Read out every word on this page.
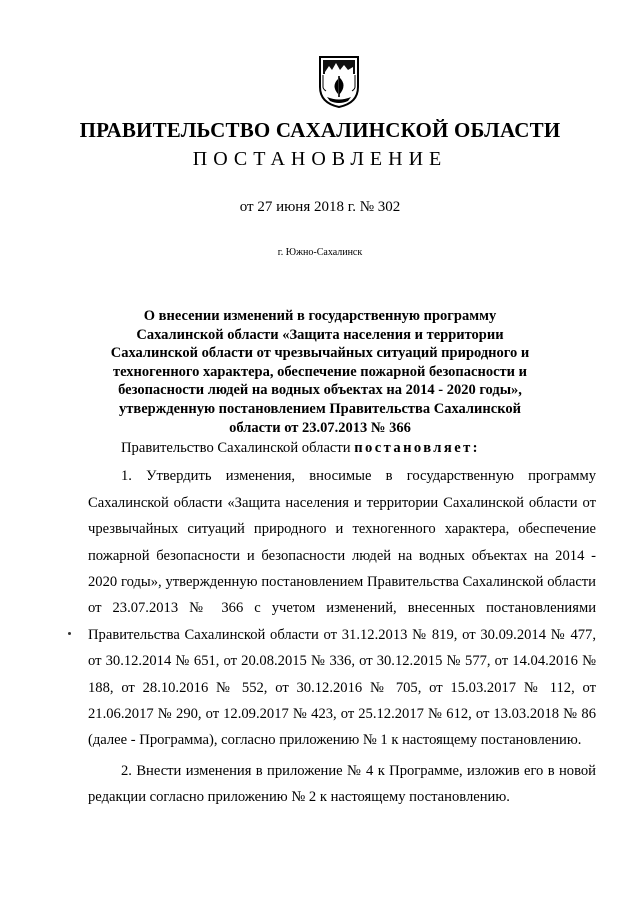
ПРАВИТЕЛЬСТВО САХАЛИНСКОЙ ОБЛАСТИ
ПОСТАНОВЛЕНИЕ
от 27 июня 2018 г. № 302
г. Южно-Сахалинск
О внесении изменений в государственную программу Сахалинской области «Защита населения и территории Сахалинской области от чрезвычайных ситуаций природного и техногенного характера, обеспечение пожарной безопасности и безопасности людей на водных объектах на 2014 - 2020 годы», утвержденную постановлением Правительства Сахалинской области от 23.07.2013 № 366

Правительство Сахалинской области постановляет:

1. Утвердить изменения, вносимые в государственную программу Сахалинской области «Защита населения и территории Сахалинской области от чрезвычайных ситуаций природного и техногенного характера, обеспечение пожарной безопасности и безопасности людей на водных объектах на 2014 - 2020 годы», утвержденную постановлением Правительства Сахалинской области от 23.07.2013 № 366 с учетом изменений, внесенных постановлениями Правительства Сахалинской области от 31.12.2013 № 819, от 30.09.2014 № 477, от 30.12.2014 № 651, от 20.08.2015 № 336, от 30.12.2015 № 577, от 14.04.2016 № 188, от 28.10.2016 № 552, от 30.12.2016 № 705, от 15.03.2017 № 112, от 21.06.2017 № 290, от 12.09.2017 № 423, от 25.12.2017 № 612, от 13.03.2018 № 86 (далее - Программа), согласно приложению № 1 к настоящему постановлению.

2. Внести изменения в приложение № 4 к Программе, изложив его в новой редакции согласно приложению № 2 к настоящему постановлению.
